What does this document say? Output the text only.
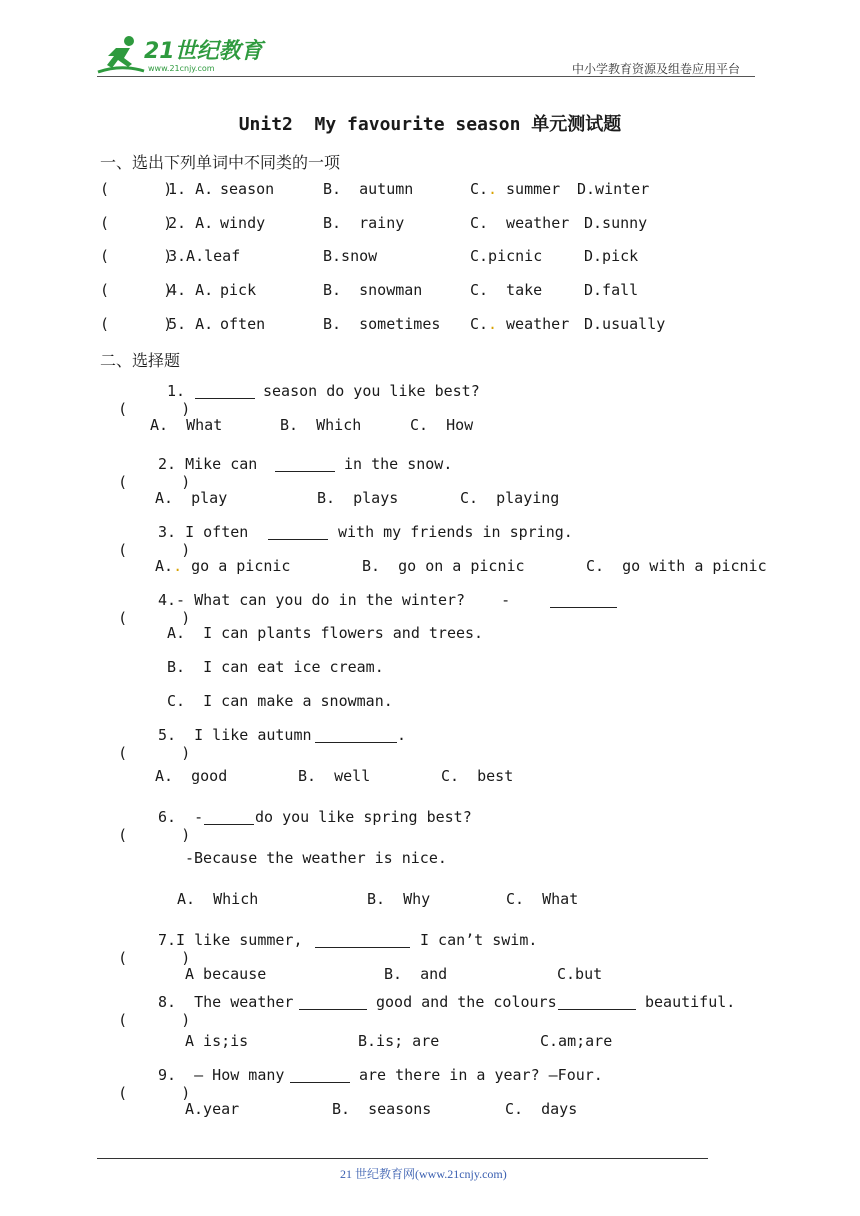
21世纪教育

www.21cnjy.com	中小学教育资源及组卷应用平台
Unit2  My favourite season 单元测试题
一、选出下列单词中不同类的一项
(      )
1. A. season	B.  autumn	C. . summer D.winter
(      )
2. A. windy	B.  rainy	C. weather D.sunny
(      )
3.A.leaf	B.snow	C.picnic	D.pick
(      )
4. A. pick	B.  snowman	C. take	D.fall
(      )
5. A. often	B.  sometimes C. . weather D.usually
二、选择题

(      )

1.

	season do you like best?

A.  What	B.  Which	C.  How

(      )

2. Mike can

	in the snow.

A.  play	B.  plays	C.  playing

(      )

3. I often

	with my friends in spring.

A.. go a picnic	B.  go on a picnic	C.  go with a picnic

(      )

4.- What can you do in the winter?    -

A.  I can plants flowers and trees.
B.  I can eat ice cream.
C.  I can make a snowman.

(      )

5.  I like autumn

	.

A.  good	B.  well	C.  best

(      )

6.  -

	do you like spring best?

-Because the weather is nice.
A.  Which	B.  Why	C.  What

(      )

7.I like summer,

	I can’t swim.

A because	B.  and	C.but

(      )

8.  The weather

	good and the colours

	beautiful.

A is;is	B.is; are	C.am;are

(      )

9.  — How many

	are there in a year? —Four.

A.year	B.  seasons	C.  days
21 世纪教育网(www.21cnjy.com)
